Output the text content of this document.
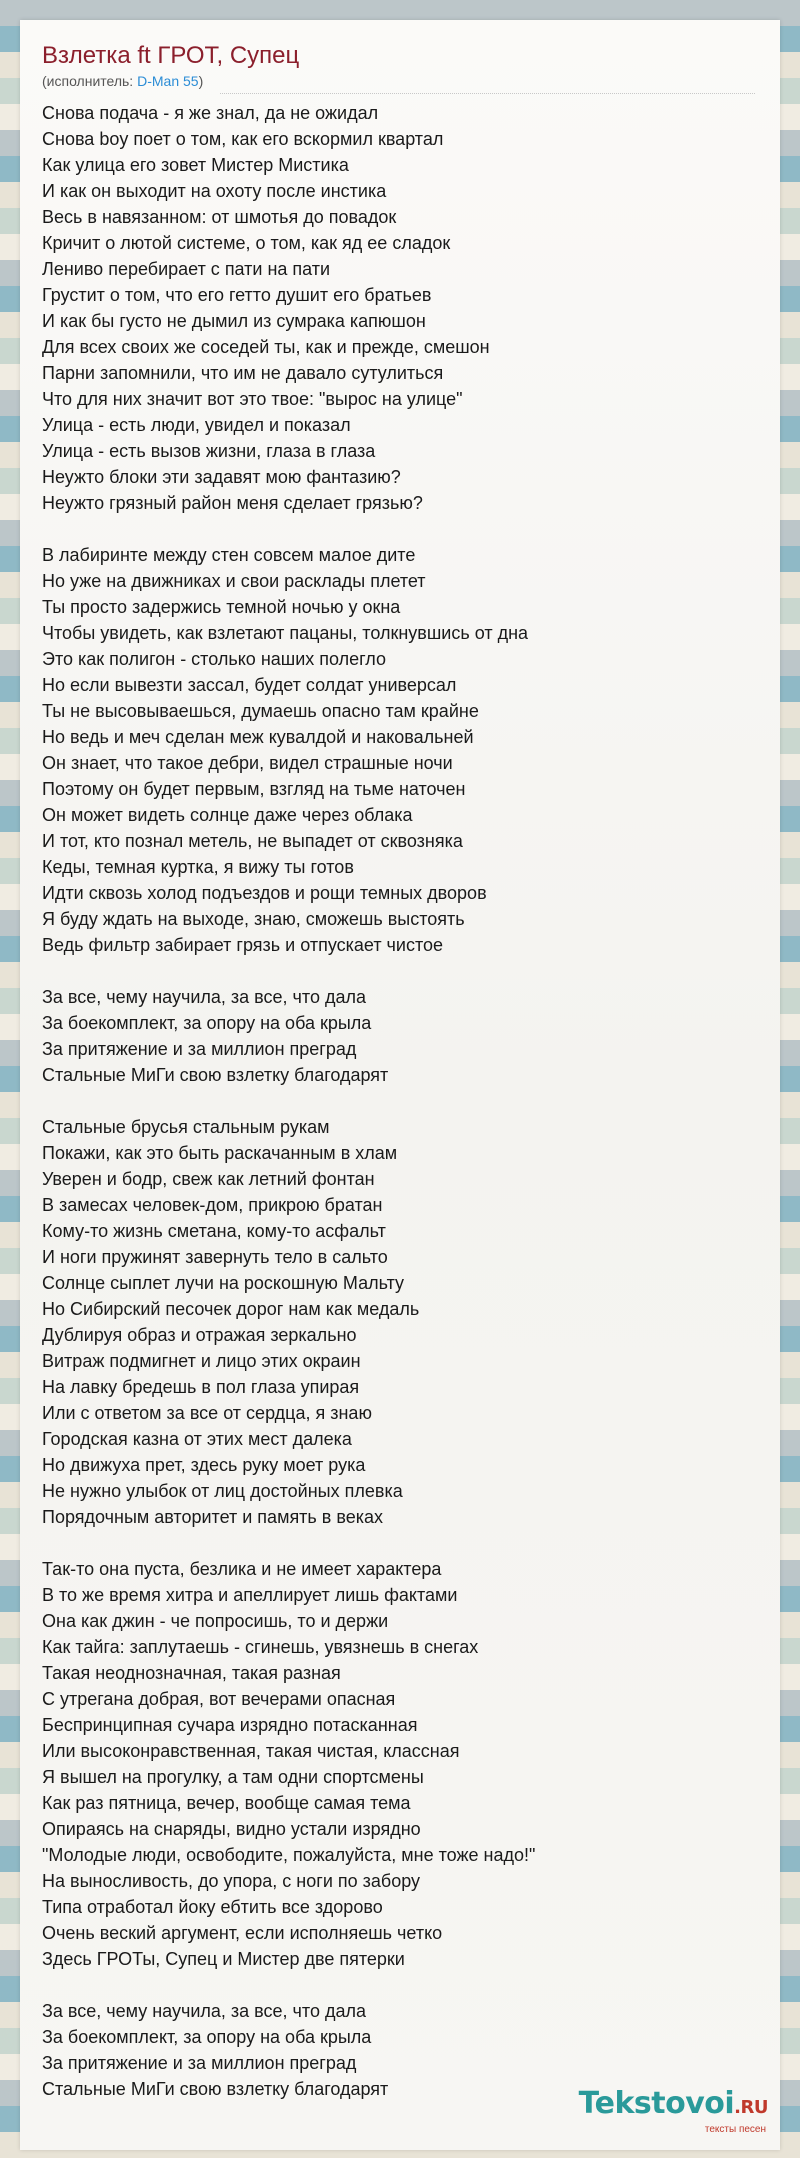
Взлетка ft ГРОТ, Супец
(исполнитель: D-Man 55)
Снова подача - я же знал, да не ожидал
Снова boy поет о том, как его вскормил квартал
Как улица его зовет Мистер Мистика
И как он выходит на охоту после инстика
Весь в навязанном: от шмотья до повадок
Кричит о лютой системе, о том, как яд ее сладок
Лениво перебирает с пати на пати
Грустит о том, что его гетто душит его братьев
И как бы густо не дымил из сумрака капюшон
Для всех своих же соседей ты, как и прежде, смешон
Парни запомнили, что им не давало сутулиться
Что для них значит вот это твое: "вырос на улице"
Улица - есть люди, увидел и показал
Улица - есть вызов жизни, глаза в глаза
Неужто блоки эти задавят мою фантазию?
Неужто грязный район меня сделает грязью?
В лабиринте между стен совсем малое дите
Но уже на движниках и свои расклады плетет
Ты просто задержись темной ночью у окна
Чтобы увидеть, как взлетают пацаны, толкнувшись от дна
Это как полигон - столько наших полегло
Но если вывезти зассал, будет солдат универсал
Ты не высовываешься, думаешь опасно там крайне
Но ведь и меч сделан меж кувалдой и наковальней
Он знает, что такое дебри, видел страшные ночи
Поэтому он будет первым, взгляд на тьме наточен
Он может видеть солнце даже через облака
И тот, кто познал метель, не выпадет от сквозняка
Кеды, темная куртка, я вижу ты готов
Идти сквозь холод подъездов и рощи темных дворов
Я буду ждать на выходе, знаю, сможешь выстоять
Ведь фильтр забирает грязь и отпускает чистое
За все, чему научила, за все, что дала
За боекомплект, за опору на оба крыла
За притяжение и за миллион преград
Стальные МиГи свою взлетку благодарят
Стальные брусья стальным рукам
Покажи, как это быть раскачанным в хлам
Уверен и бодр, свеж как летний фонтан
В замесах человек-дом, прикрою братан
Кому-то жизнь сметана, кому-то асфальт
И ноги пружинят завернуть тело в сальто
Солнце сыплет лучи на роскошную Мальту
Но Сибирский песочек дорог нам как медаль
Дублируя образ и отражая зеркально
Витраж подмигнет и лицо этих окраин
На лавку бредешь в пол глаза упирая
Или с ответом за все от сердца, я знаю
Городская казна от этих мест далека
Но движуха прет, здесь руку моет рука
Не нужно улыбок от лиц достойных плевка
Порядочным авторитет и память в веках
Так-то она пуста, безлика и не имеет характера
В то же время хитра и апеллирует лишь фактами
Она как джин - че попросишь, то и держи
Как тайга: заплутаешь - сгинешь, увязнешь в снегах
Такая неоднозначная, такая разная
С утрегана добрая, вот вечерами опасная
Беспринципная сучара изрядно потасканная
Или высоконравственная, такая чистая, классная
Я вышел на прогулку, а там одни спортсмены
Как раз пятница, вечер, вообще самая тема
Опираясь на снаряды, видно устали изрядно
"Молодые люди, освободите, пожалуйста, мне тоже надо!"
На выносливость, до упора, с ноги по забору
Типа отработал йоку ебтить все здорово
Очень веский аргумент, если исполняешь четко
Здесь ГРОТы, Супец и Мистер две пятерки
За все, чему научила, за все, что дала
За боекомплект, за опору на оба крыла
За притяжение и за миллион преград
Стальные МиГи свою взлетку благодарят	Tekstovoi.RU
тексты песен
